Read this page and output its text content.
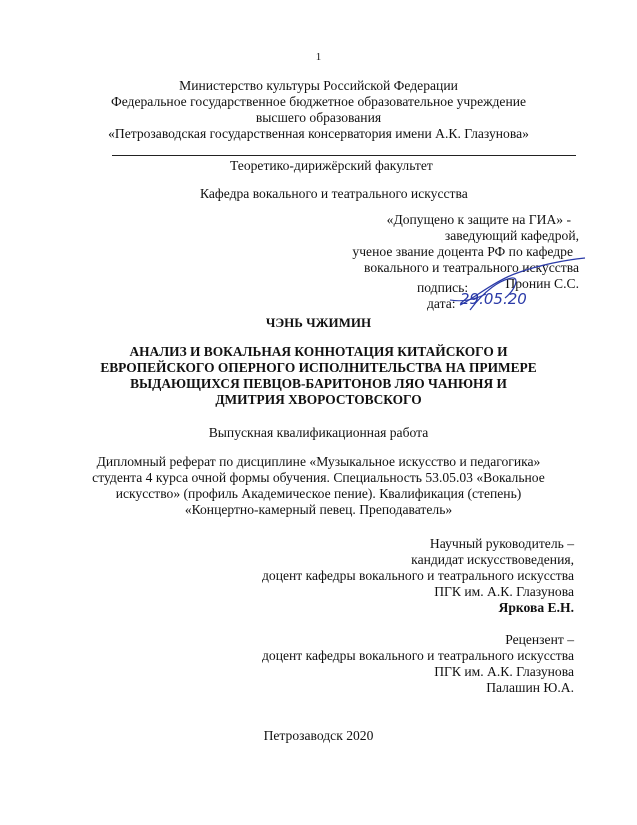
1
Министерство культуры Российской Федерации
Федеральное государственное бюджетное образовательное учреждение
высшего образования
«Петрозаводская государственная консерватория имени А.К. Глазунова»
Теоретико-дирижёрский факультет
Кафедра вокального и театрального искусства
«Допущено к защите на ГИА» -
заведующий кафедрой,
ученое звание доцента РФ по кафедре
вокального и театрального искусства
Пронин С.С.
подпись:
дата: 29.05.20
ЧЭНЬ ЧЖИМИН
АНАЛИЗ И ВОКАЛЬНАЯ КОННОТАЦИЯ КИТАЙСКОГО И
ЕВРОПЕЙСКОГО ОПЕРНОГО ИСПОЛНИТЕЛЬСТВА НА ПРИМЕРЕ
ВЫДАЮЩИХСЯ ПЕВЦОВ-БАРИТОНОВ ЛЯО ЧАНЮНЯ И
ДМИТРИЯ ХВОРОСТОВСКОГО
Выпускная квалификационная работа
Дипломный реферат по дисциплине «Музыкальное искусство и педагогика»
студента 4 курса очной формы обучения. Специальность 53.05.03 «Вокальное
искусство» (профиль Академическое пение). Квалификация (степень)
«Концертно-камерный певец. Преподаватель»
Научный руководитель –
кандидат искусствоведения,
доцент кафедры вокального и театрального искусства
ПГК им. А.К. Глазунова
Яркова Е.Н.
Рецензент –
доцент кафедры вокального и театрального искусства
ПГК им. А.К. Глазунова
Палашин Ю.А.
Петрозаводск 2020
